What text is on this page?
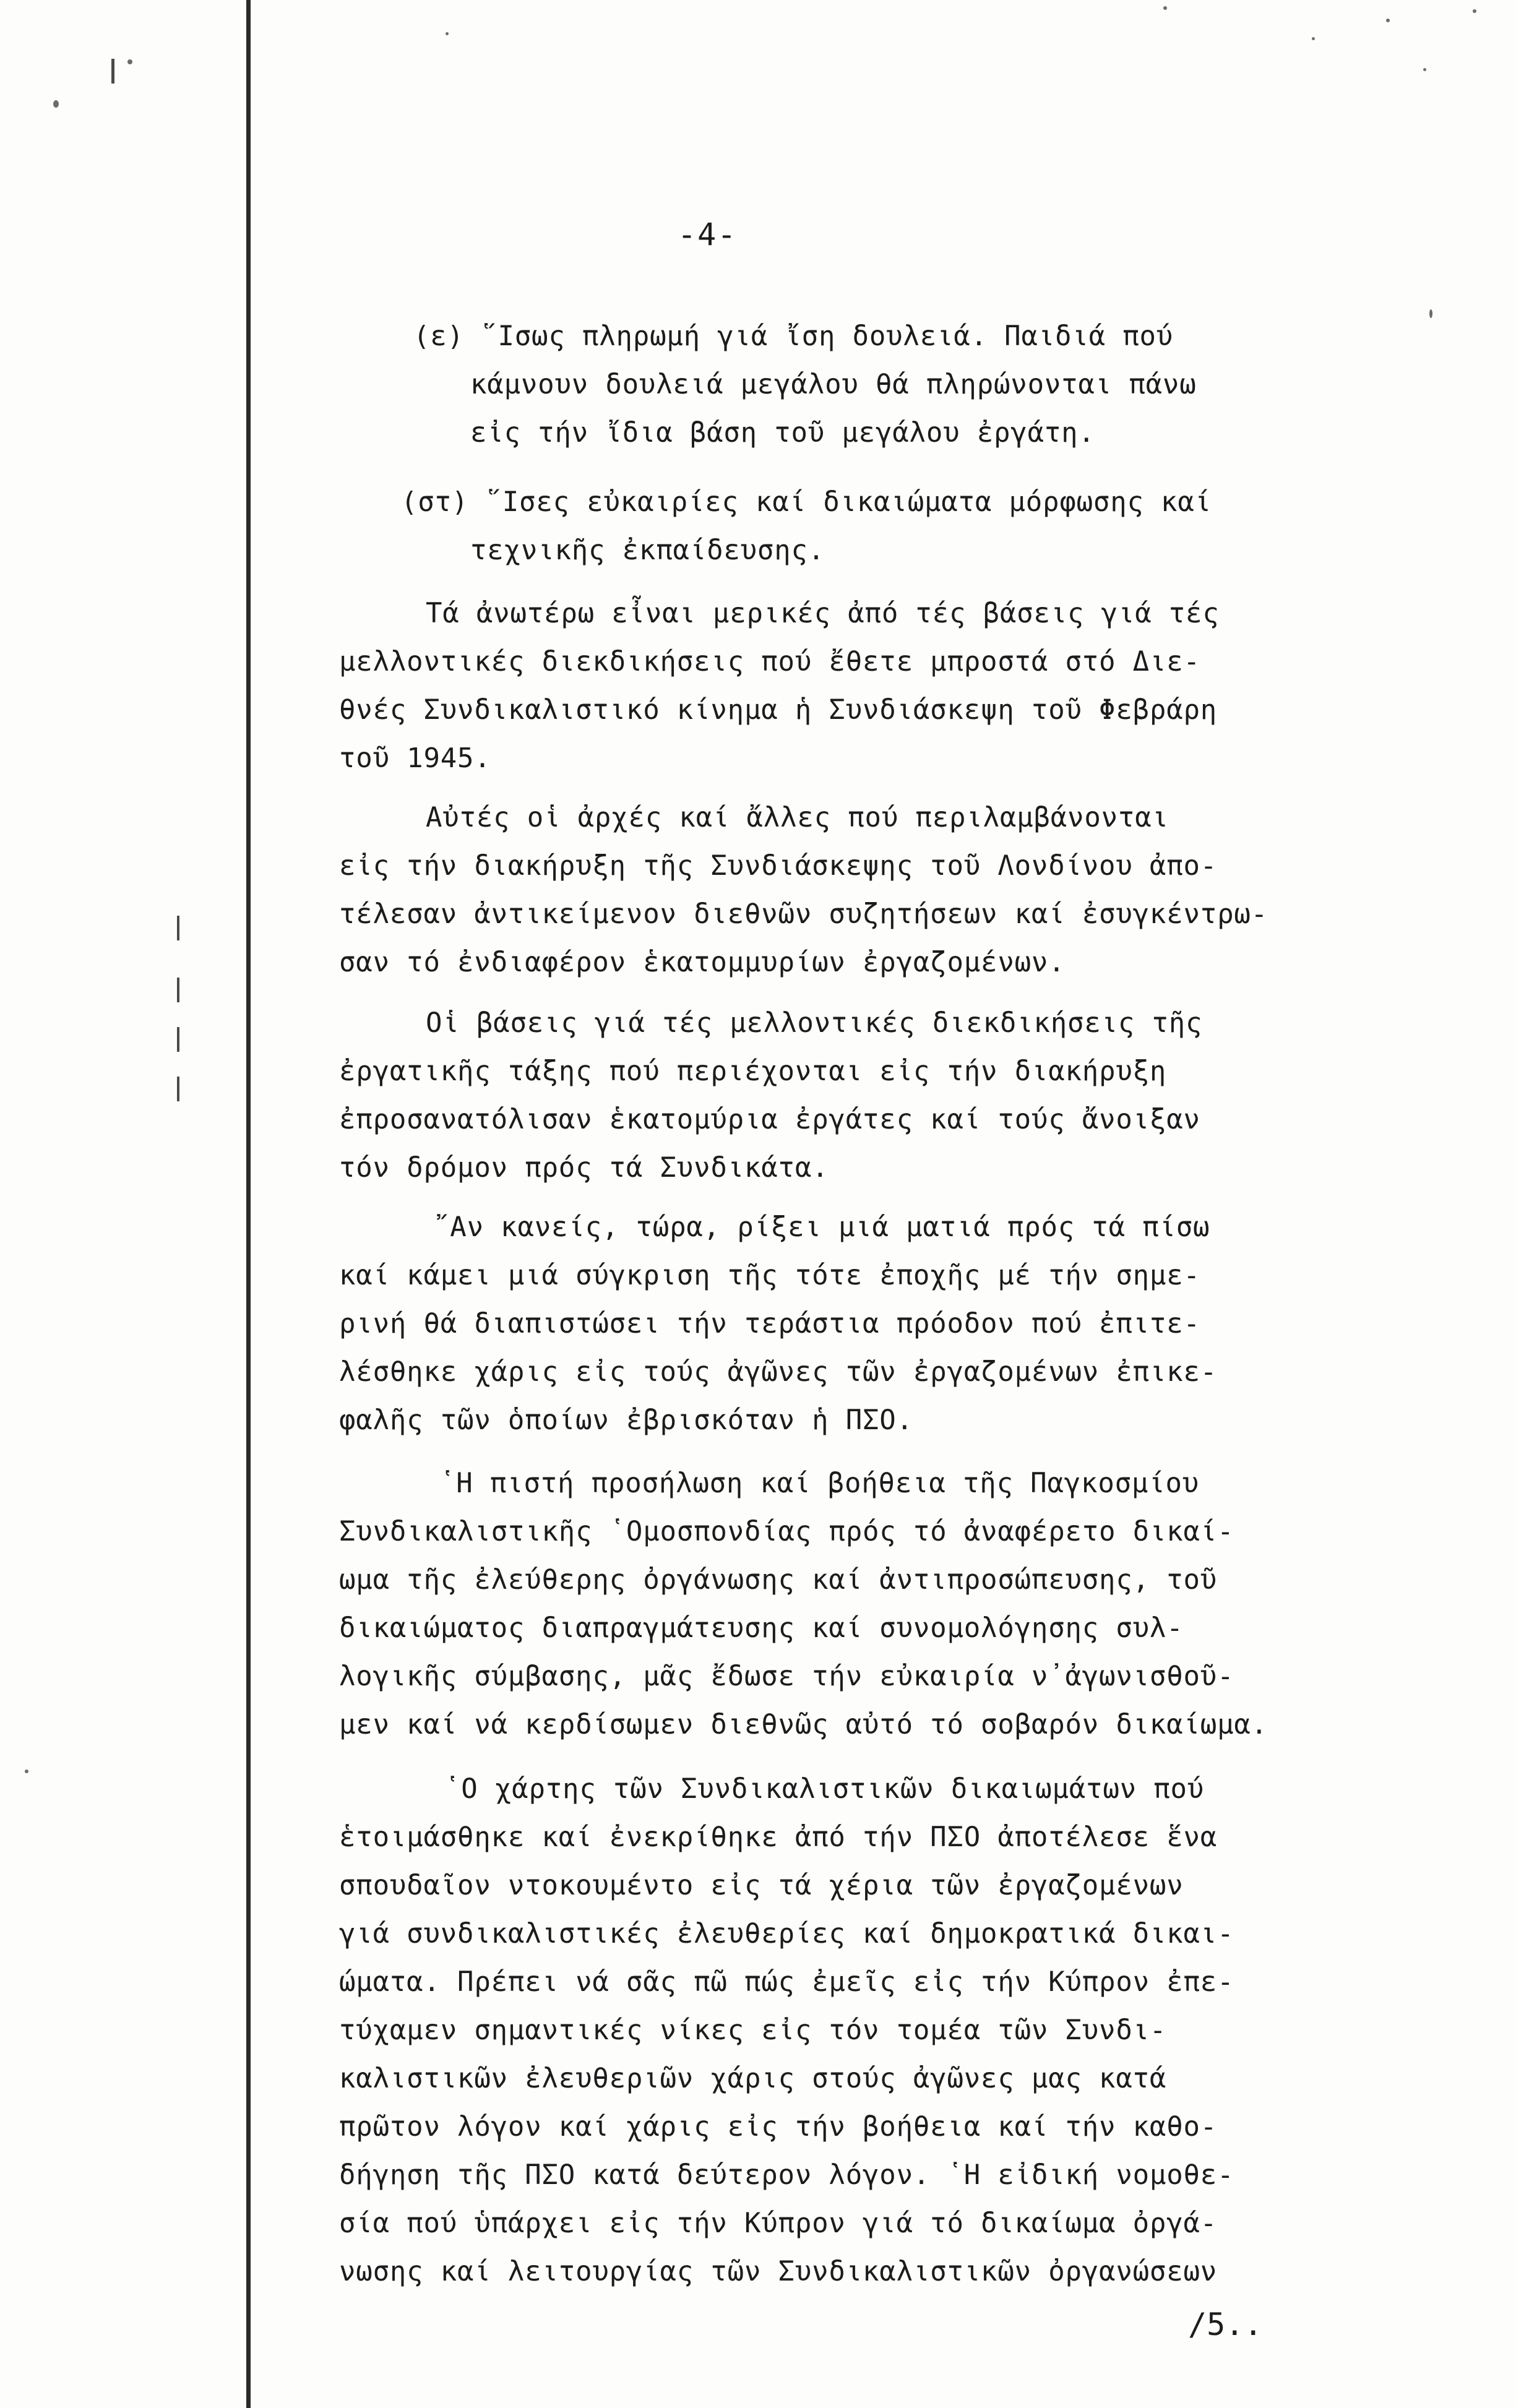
-4-
(ε) ῞Ισως πληρωμή γιά ἴση δουλειά. Παιδιά πού
κάμνουν δουλειά μεγάλου θά πληρώνονται πάνω
εἰς τήν ἴδια βάση τοῦ μεγάλου ἐργάτη.
(στ) ῞Ισες εὐκαιρίες καί δικαιώματα μόρφωσης καί
τεχνικῆς ἐκπαίδευσης.
Τά ἀνωτέρω εἶναι μερικές ἀπό τές βάσεις γιά τές
μελλοντικές διεκδικήσεις πού ἔθετε μπροστά στό Διε-
θνές Συνδικαλιστικό κίνημα ἡ Συνδιάσκεψη τοῦ Φεβράρη
τοῦ 1945.
Αὐτές οἱ ἀρχές καί ἄλλες πού περιλαμβάνονται
εἰς τήν διακήρυξη τῆς Συνδιάσκεψης τοῦ Λονδίνου ἀπο-
τέλεσαν ἀντικείμενον διεθνῶν συζητήσεων καί ἐσυγκέντρω-
σαν τό ἐνδιαφέρον ἑκατομμυρίων ἐργαζομένων.
Οἱ βάσεις γιά τές μελλοντικές διεκδικήσεις τῆς
ἐργατικῆς τάξης πού περιέχονται εἰς τήν διακήρυξη
ἐπροσανατόλισαν ἑκατομύρια ἐργάτες καί τούς ἄνοιξαν
τόν δρόμον πρός τά Συνδικάτα.
῎Αν κανείς, τώρα, ρίξει μιά ματιά πρός τά πίσω
καί κάμει μιά σύγκριση τῆς τότε ἐποχῆς μέ τήν σημε-
ρινή θά διαπιστώσει τήν τεράστια πρόοδον πού ἐπιτε-
λέσθηκε χάρις εἰς τούς ἀγῶνες τῶν ἐργαζομένων ἐπικε-
φαλῆς τῶν ὁποίων ἐβρισκόταν ἡ ΠΣΟ.
῾Η πιστή προσήλωση καί βοήθεια τῆς Παγκοσμίου
Συνδικαλιστικῆς ῾Ομοσπονδίας πρός τό ἀναφέρετο δικαί-
ωμα τῆς ἐλεύθερης ὀργάνωσης καί ἀντιπροσώπευσης, τοῦ
δικαιώματος διαπραγμάτευσης καί συνομολόγησης συλ-
λογικῆς σύμβασης, μᾶς ἔδωσε τήν εὐκαιρία ν᾿ἀγωνισθοῦ-
μεν καί νά κερδίσωμεν διεθνῶς αὐτό τό σοβαρόν δικαίωμα.
῾Ο χάρτης τῶν Συνδικαλιστικῶν δικαιωμάτων πού
ἑτοιμάσθηκε καί ἐνεκρίθηκε ἀπό τήν ΠΣΟ ἀποτέλεσε ἕνα
σπουδαῖον ντοκουμέντο εἰς τά χέρια τῶν ἐργαζομένων
γιά συνδικαλιστικές ἐλευθερίες καί δημοκρατικά δικαι-
ώματα. Πρέπει νά σᾶς πῶ πώς ἐμεῖς εἰς τήν Κύπρον ἐπε-
τύχαμεν σημαντικές νίκες εἰς τόν τομέα τῶν Συνδι-
καλιστικῶν ἐλευθεριῶν χάρις στούς ἀγῶνες μας κατά
πρῶτον λόγον καί χάρις εἰς τήν βοήθεια καί τήν καθο-
δήγηση τῆς ΠΣΟ κατά δεύτερον λόγον. ῾Η εἰδική νομοθε-
σία πού ὑπάρχει εἰς τήν Κύπρον γιά τό δικαίωμα ὀργά-
νωσης καί λειτουργίας τῶν Συνδικαλιστικῶν ὀργανώσεων
/5..
